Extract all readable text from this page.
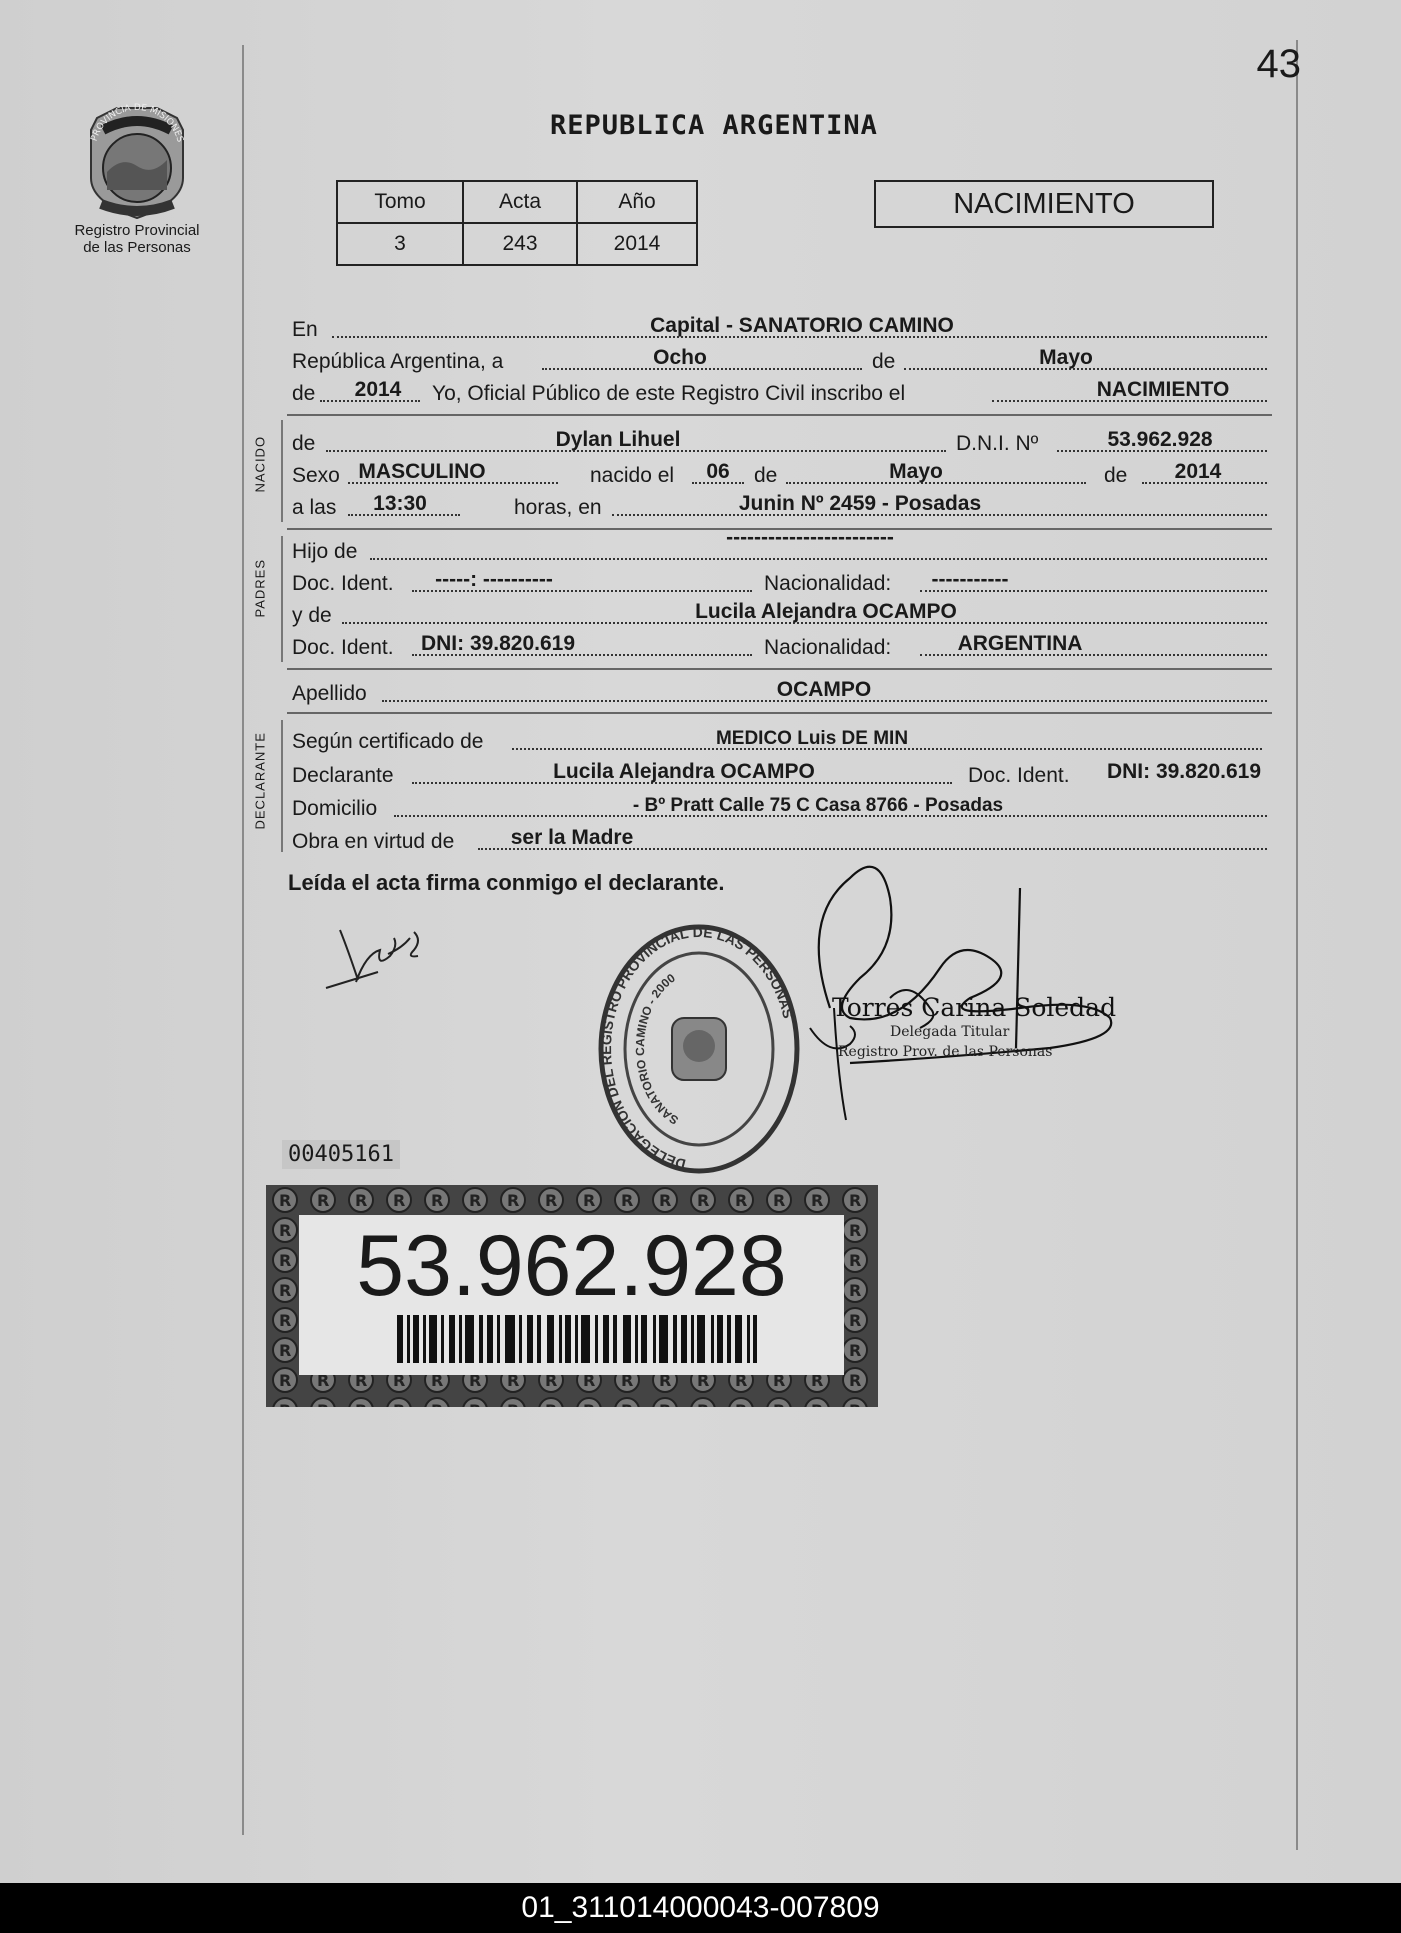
43
PROVINCIA DE MISIONES
Registro Provincial
de las Personas
REPUBLICA ARGENTINA
Tomo	Acta	Año
3	243	2014
NACIMIENTO
En	Capital - SANATORIO CAMINO
República Argentina, a	Ocho	de	Mayo
de 2014 Yo, Oficial Público de este Registro Civil inscribo el	NACIMIENTO
NACIDO de	Dylan Lihuel	D.N.I. Nº	53.962.928
Sexo MASCULINO	nacido el 06 de	Mayo	de 2014
a las 13:30	horas, en	Junin Nº 2459 - Posadas
PADRES
Hijo de
------------------------
Doc. Ident. -----: ----------	Nacionalidad: -----------
y de	Lucila Alejandra OCAMPO
Doc. Ident. DNI: 39.820.619	Nacionalidad:	ARGENTINA
Apellido	OCAMPO
DECLARANTE Según certificado de	MEDICO Luis DE MIN
Declarante	Lucila Alejandra OCAMPO	Doc. Ident. DNI: 39.820.619
Domicilio	- Bº Pratt Calle 75 C Casa 8766 - Posadas
Obra en virtud de	ser la Madre
Leída el acta firma conmigo el declarante.
DELEGACION DEL REGISTRO PROVINCIAL DE LAS PERSONAS
SANATORIO CAMINO - 2000
Torres Carina Soledad
Delegada Titular
Registro Prov. de las Personas
00405161
53.962.928
01_311014000043-007809
